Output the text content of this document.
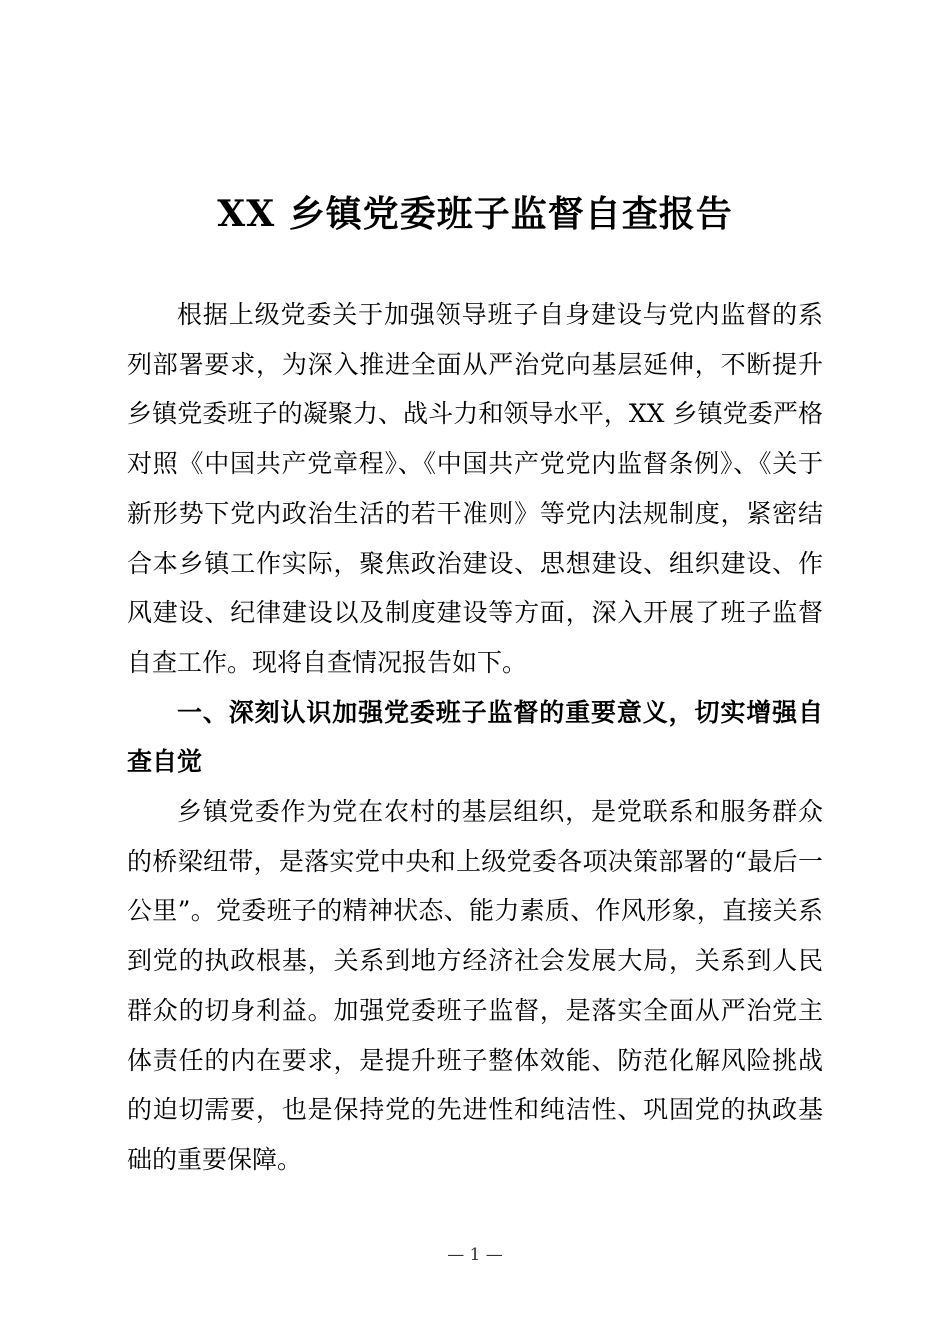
XX 乡镇党委班子监督自查报告

根据上级党委关于加强领导班子自身建设与党内监督的系列部署要求，为深入推进全面从严治党向基层延伸，不断提升乡镇党委班子的凝聚力、战斗力和领导水平，XX 乡镇党委严格对照《中国共产党章程》、《中国共产党党内监督条例》、《关于新形势下党内政治生活的若干准则》等党内法规制度，紧密结合本乡镇工作实际，聚焦政治建设、思想建设、组织建设、作风建设、纪律建设以及制度建设等方面，深入开展了班子监督自查工作。现将自查情况报告如下。

一、深刻认识加强党委班子监督的重要意义，切实增强自查自觉

乡镇党委作为党在农村的基层组织，是党联系和服务群众的桥梁纽带，是落实党中央和上级党委各项决策部署的“最后一公里”。党委班子的精神状态、能力素质、作风形象，直接关系到党的执政根基，关系到地方经济社会发展大局，关系到人民群众的切身利益。加强党委班子监督，是落实全面从严治党主体责任的内在要求，是提升班子整体效能、防范化解风险挑战的迫切需要，也是保持党的先进性和纯洁性、巩固党的执政基础的重要保障。

— 1 —
